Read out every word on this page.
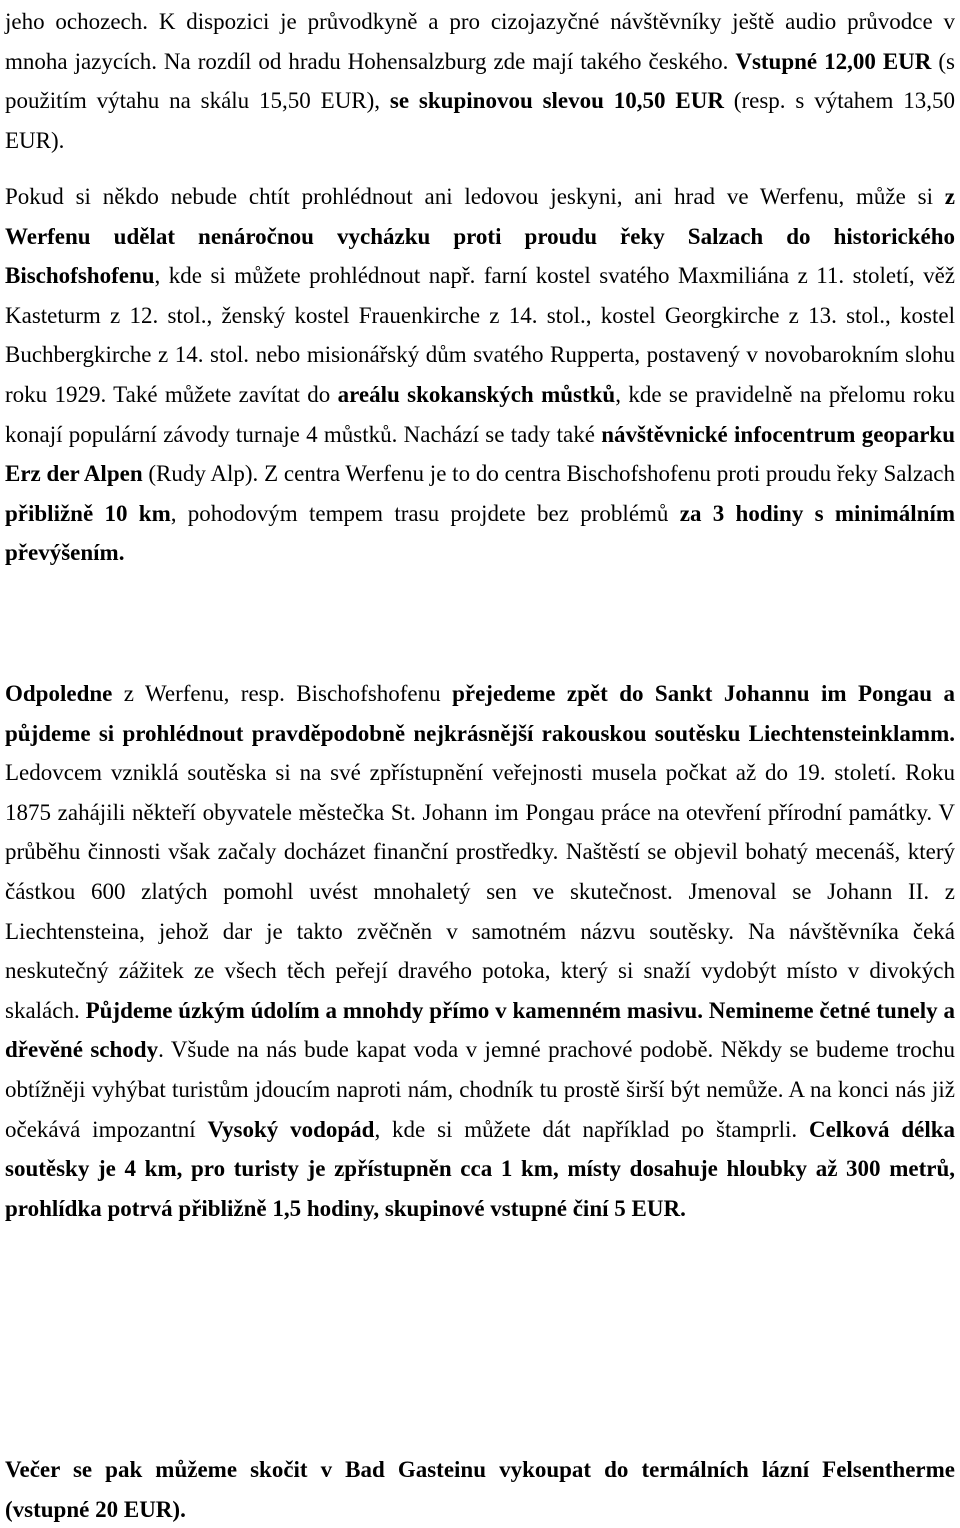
jeho ochozech. K dispozici je průvodkyně a pro cizojazyčné návštěvníky ještě audio průvodce v mnoha jazycích. Na rozdíl od hradu Hohensalzburg zde mají takého českého. Vstupné 12,00 EUR (s použitím výtahu na skálu 15,50 EUR), se skupinovou slevou 10,50 EUR (resp. s výtahem 13,50 EUR).

Pokud si někdo nebude chtít prohlédnout ani ledovou jeskyni, ani hrad ve Werfenu, může si z Werfenu udělat nenáročnou vycházku proti proudu řeky Salzach do historického Bischofshofenu, kde si můžete prohlédnout např. farní kostel svatého Maxmiliána z 11. století, věž Kasteturm z 12. stol., ženský kostel Frauenkirche z 14. stol., kostel Georgkirche z 13. stol., kostel Buchbergkirche z 14. stol. nebo misionářský dům svatého Rupperta, postavený v novobarokním slohu roku 1929. Také můžete zavítat do areálu skokanských můstků, kde se pravidelně na přelomu roku konají populární závody turnaje 4 můstků. Nachází se tady také návštěvnické infocentrum geoparku Erz der Alpen (Rudy Alp). Z centra Werfenu je to do centra Bischofshofenu proti proudu řeky Salzach přibližně 10 km, pohodovým tempem trasu projdete bez problémů za 3 hodiny s minimálním převýšením.

Odpoledne z Werfenu, resp. Bischofshofenu přejedeme zpět do Sankt Johannu im Pongau a půjdeme si prohlédnout pravděpodobně nejkrásnější rakouskou soutěsku Liechtensteinklamm. Ledovcem vzniklá soutěska si na své zpřístupnění veřejnosti musela počkat až do 19. století. Roku 1875 zahájili někteří obyvatele městečka St. Johann im Pongau práce na otevření přírodní památky. V průběhu činnosti však začaly docházet finanční prostředky. Naštěstí se objevil bohatý mecenáš, který částkou 600 zlatých pomohl uvést mnohaletý sen ve skutečnost. Jmenoval se Johann II. z Liechtensteina, jehož dar je takto zvěčněn v samotném názvu soutěsky. Na návštěvníka čeká neskutečný zážitek ze všech těch peřejí dravého potoka, který si snaží vydobýt místo v divokých skalách. Půjdeme úzkým údolím a mnohdy přímo v kamenném masivu. Nemineme četné tunely a dřevěné schody. Všude na nás bude kapat voda v jemné prachové podobě. Někdy se budeme trochu obtížněji vyhýbat turistům jdoucím naproti nám, chodník tu prostě širší být nemůže. A na konci nás již očekává impozantní Vysoký vodopád, kde si můžete dát například po štamprli. Celková délka soutěsky je 4 km, pro turisty je zpřístupněn cca 1 km, místy dosahuje hloubky až 300 metrů, prohlídka potrvá přibližně 1,5 hodiny, skupinové vstupné činí 5 EUR.

Večer se pak můžeme skočit v Bad Gasteinu vykoupat do termálních lázní Felsentherme (vstupné 20 EUR).
